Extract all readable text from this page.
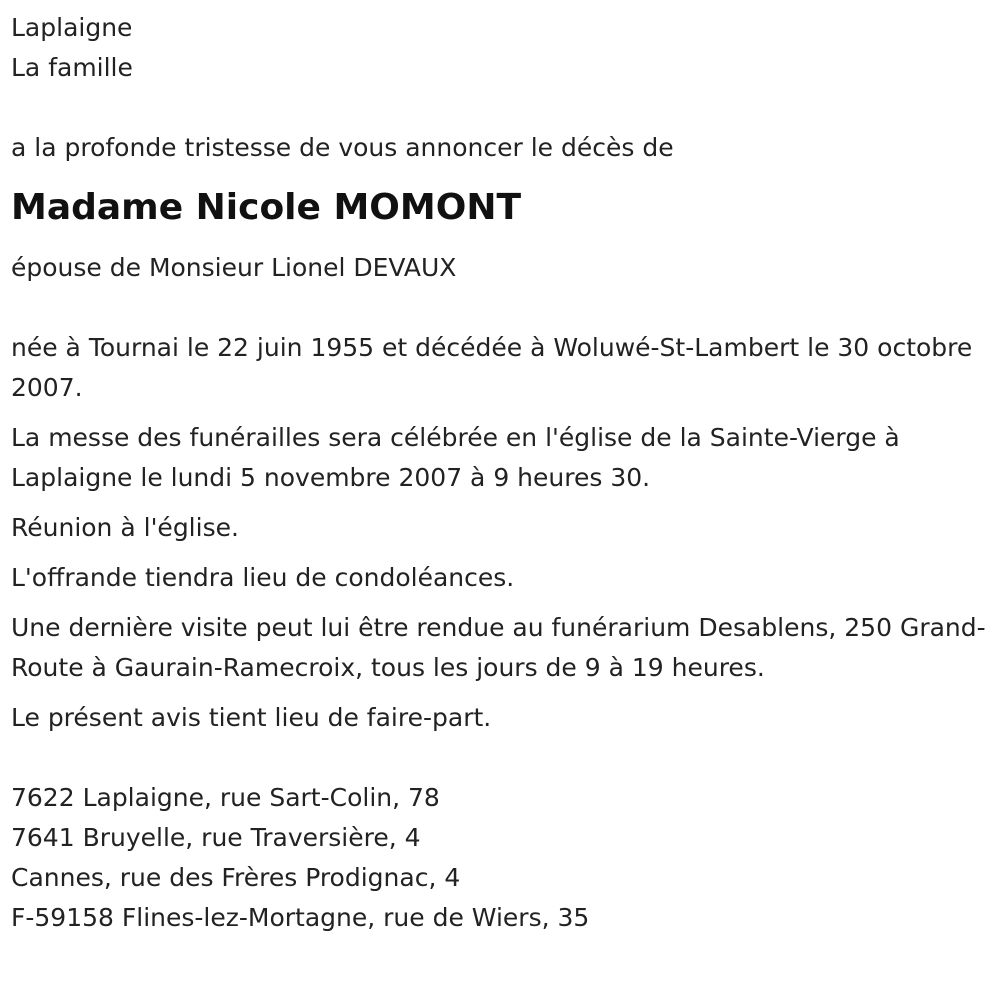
Laplaigne
La famille
a la profonde tristesse de vous annoncer le décès de
Madame Nicole MOMONT
épouse de Monsieur Lionel DEVAUX
née à Tournai le 22 juin 1955 et décédée à Woluwé-St-Lambert le 30 octobre 2007.
La messe des funérailles sera célébrée en l'église de la Sainte-Vierge à Laplaigne le lundi 5 novembre 2007 à 9 heures 30.
Réunion à l'église.
L'offrande tiendra lieu de condoléances.
Une dernière visite peut lui être rendue au funérarium Desablens, 250 Grand-Route à Gaurain-Ramecroix, tous les jours de 9 à 19 heures.
Le présent avis tient lieu de faire-part.
7622 Laplaigne, rue Sart-Colin, 78
7641 Bruyelle, rue Traversière, 4
Cannes, rue des Frères Prodignac, 4
F-59158 Flines-lez-Mortagne, rue de Wiers, 35
